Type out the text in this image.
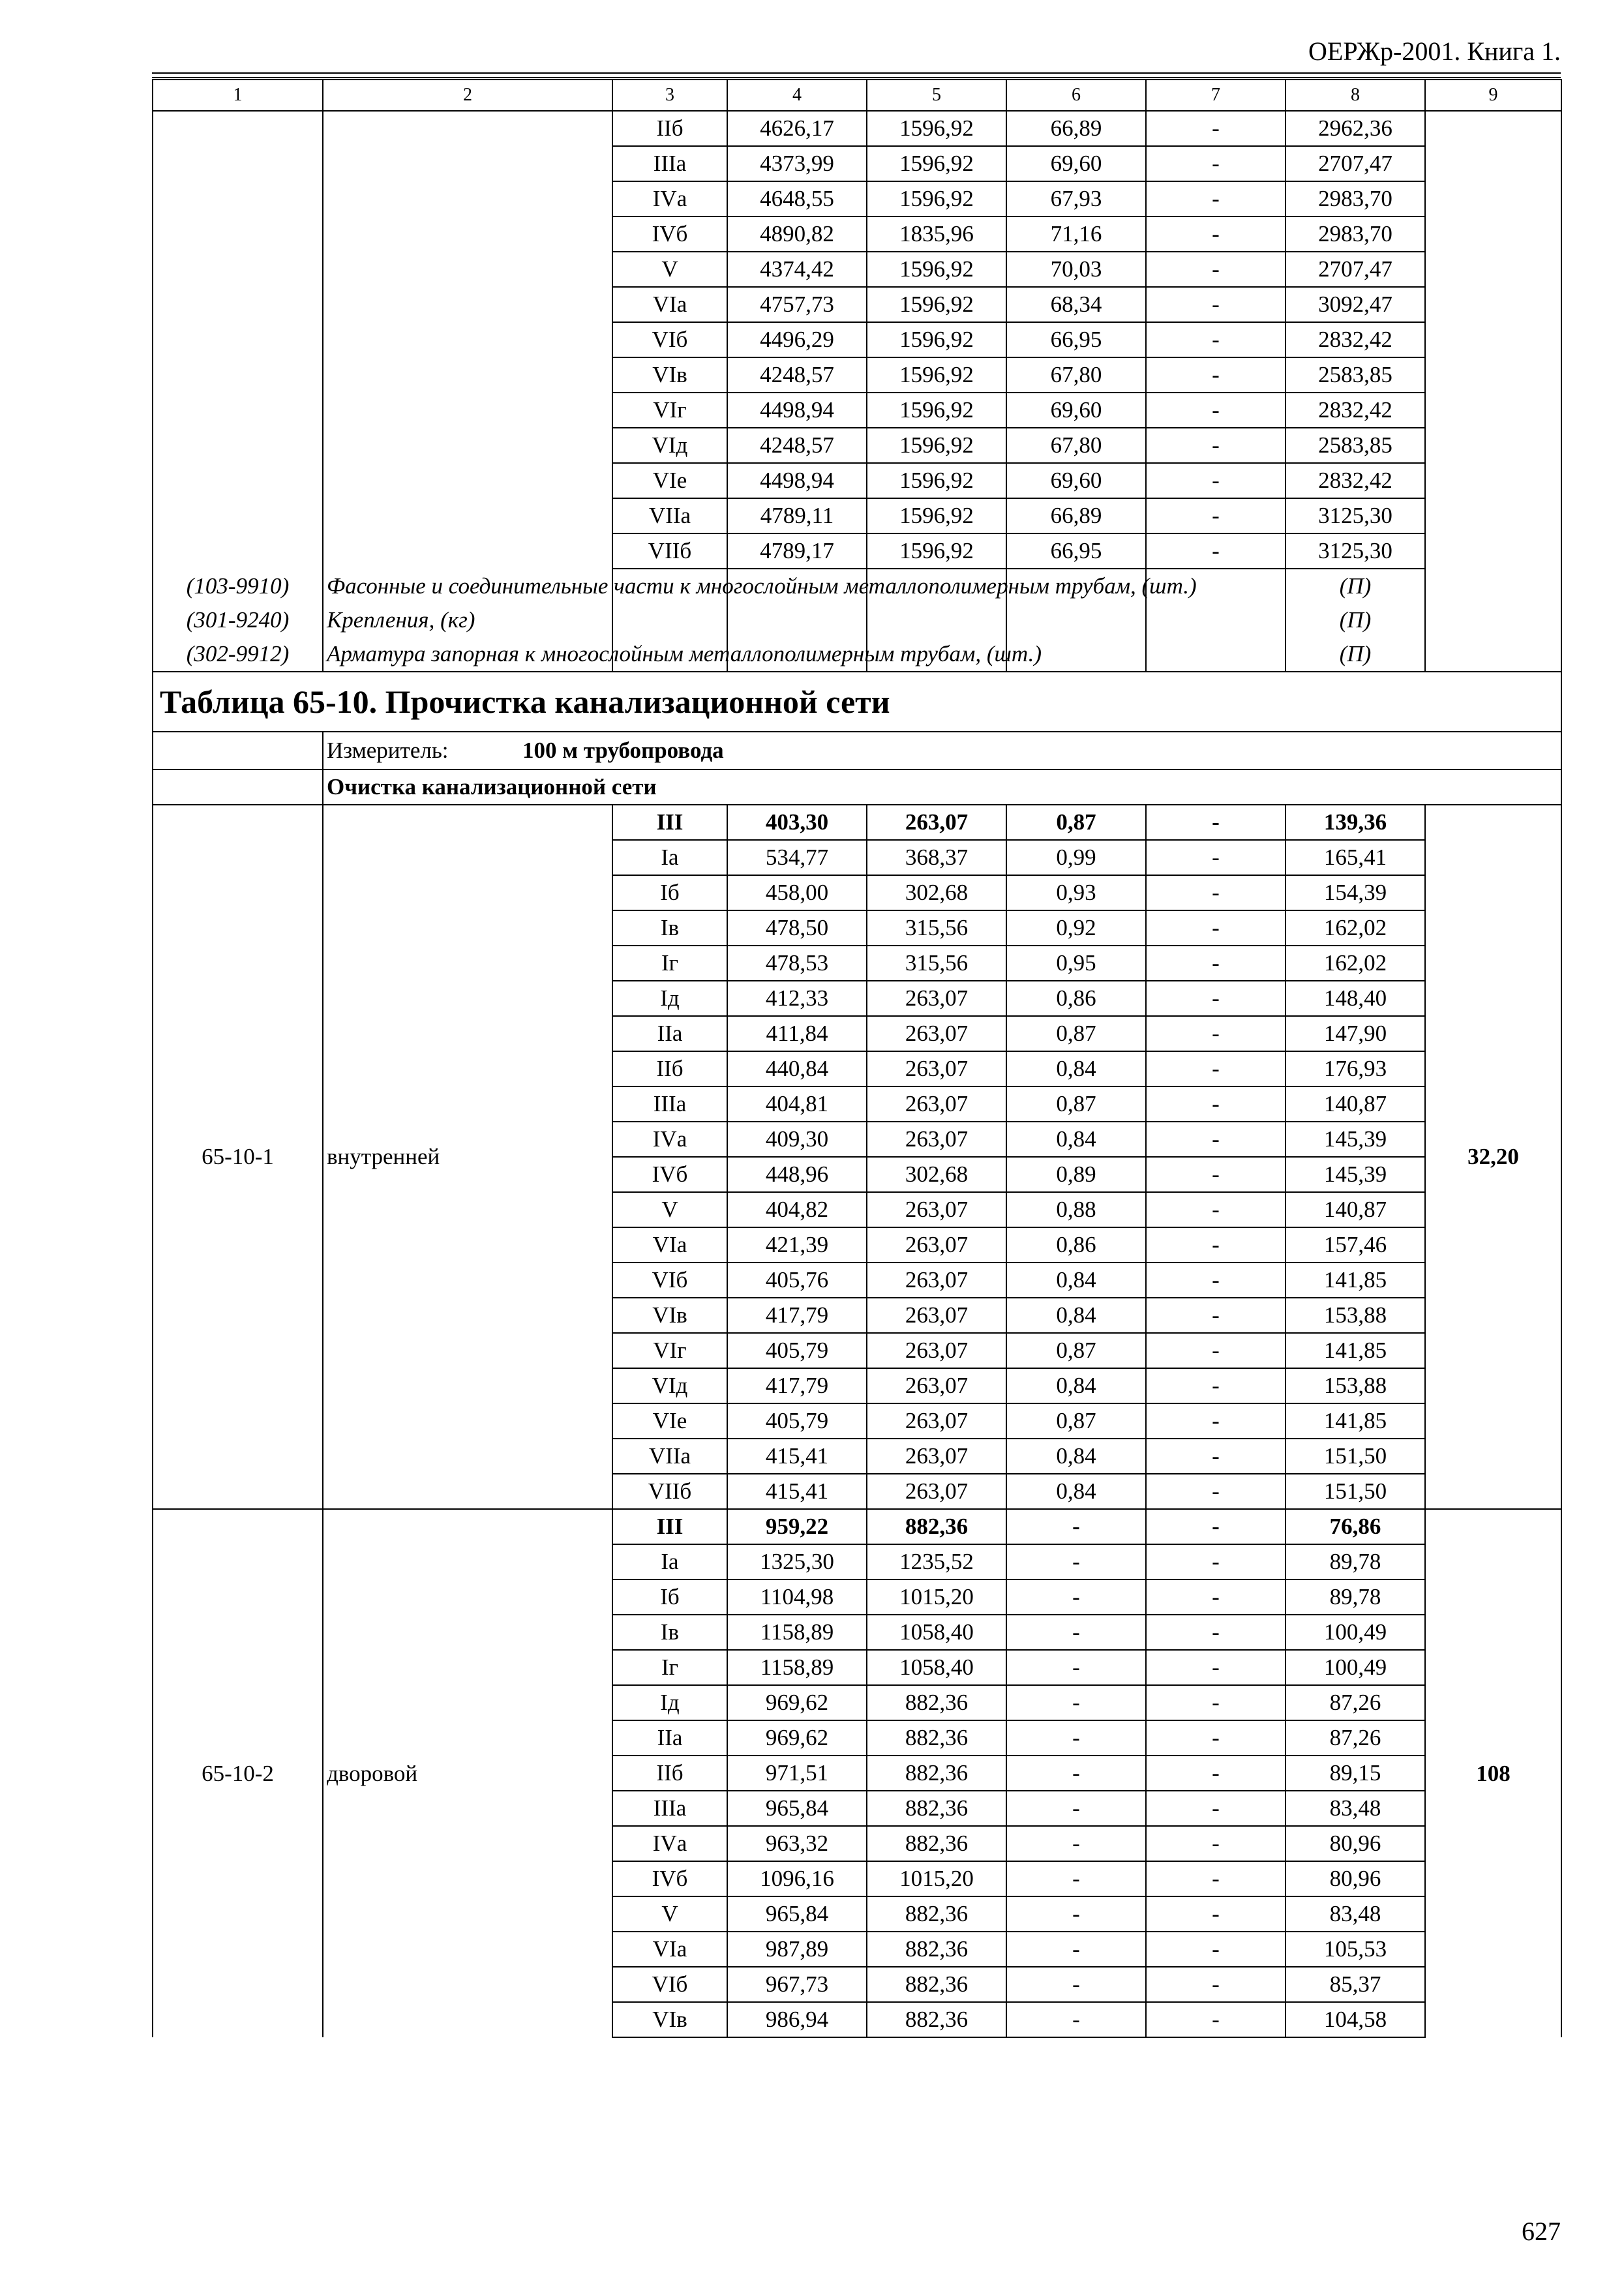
ОЕРЖр-2001. Книга 1.
1	2	3	4	5	6	7	8	9
		IIб	4626,17	1596,92	66,89	-	2962,36	
		IIIа	4373,99	1596,92	69,60	-	2707,47	
		IVа	4648,55	1596,92	67,93	-	2983,70	
		IVб	4890,82	1835,96	71,16	-	2983,70	
		V	4374,42	1596,92	70,03	-	2707,47	
		VIа	4757,73	1596,92	68,34	-	3092,47	
		VIб	4496,29	1596,92	66,95	-	2832,42	
		VIв	4248,57	1596,92	67,80	-	2583,85	
		VIг	4498,94	1596,92	69,60	-	2832,42	
		VIд	4248,57	1596,92	67,80	-	2583,85	
		VIе	4498,94	1596,92	69,60	-	2832,42	
		VIIа	4789,11	1596,92	66,89	-	3125,30	
		VIIб	4789,17	1596,92	66,95	-	3125,30	
(103-9910)	Фасонные и соединительные части к многослойным металлополимерным трубам, (шт.)						(П)	
(301-9240)	Крепления, (кг)						(П)	
(302-9912)	Арматура запорная к многослойным металлополимерным трубам, (шт.)						(П)	
Таблица 65-10. Прочистка канализационной сети								
	Измеритель: 100 м трубопровода							
	Очистка канализационной сети							
65-10-1	внутренней	III	403,30	263,07	0,87	-	139,36	32,20
		Iа	534,77	368,37	0,99	-	165,41	
		Iб	458,00	302,68	0,93	-	154,39	
		Iв	478,50	315,56	0,92	-	162,02	
		Iг	478,53	315,56	0,95	-	162,02	
		Iд	412,33	263,07	0,86	-	148,40	
		IIа	411,84	263,07	0,87	-	147,90	
		IIб	440,84	263,07	0,84	-	176,93	
		IIIа	404,81	263,07	0,87	-	140,87	
		IVа	409,30	263,07	0,84	-	145,39	
		IVб	448,96	302,68	0,89	-	145,39	
		V	404,82	263,07	0,88	-	140,87	
		VIа	421,39	263,07	0,86	-	157,46	
		VIб	405,76	263,07	0,84	-	141,85	
		VIв	417,79	263,07	0,84	-	153,88	
		VIг	405,79	263,07	0,87	-	141,85	
		VIд	417,79	263,07	0,84	-	153,88	
		VIе	405,79	263,07	0,87	-	141,85	
		VIIа	415,41	263,07	0,84	-	151,50	
		VIIб	415,41	263,07	0,84	-	151,50	
65-10-2	дворовой	III	959,22	882,36	-	-	76,86	108
		Iа	1325,30	1235,52	-	-	89,78	
		Iб	1104,98	1015,20	-	-	89,78	
		Iв	1158,89	1058,40	-	-	100,49	
		Iг	1158,89	1058,40	-	-	100,49	
		Iд	969,62	882,36	-	-	87,26	
		IIа	969,62	882,36	-	-	87,26	
		IIб	971,51	882,36	-	-	89,15	
		IIIа	965,84	882,36	-	-	83,48	
		IVа	963,32	882,36	-	-	80,96	
		IVб	1096,16	1015,20	-	-	80,96	
		V	965,84	882,36	-	-	83,48	
		VIа	987,89	882,36	-	-	105,53	
		VIб	967,73	882,36	-	-	85,37	
		VIв	986,94	882,36	-	-	104,58	
627
